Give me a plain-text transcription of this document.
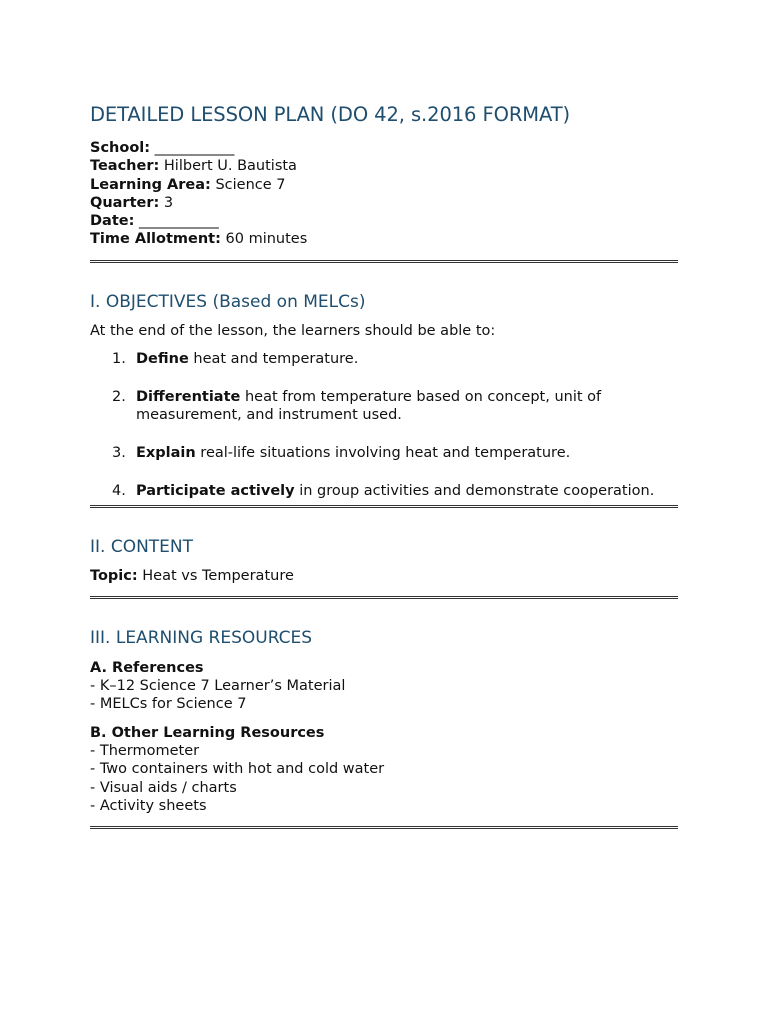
DETAILED LESSON PLAN (DO 42, s.2016 FORMAT)
School: ___________
Teacher: Hilbert U. Bautista
Learning Area: Science 7
Quarter: 3
Date: ___________
Time Allotment: 60 minutes
I. OBJECTIVES (Based on MELCs)
At the end of the lesson, the learners should be able to:
1. Define heat and temperature.
2. Differentiate heat from temperature based on concept, unit of measurement, and instrument used.
3. Explain real-life situations involving heat and temperature.
4. Participate actively in group activities and demonstrate cooperation.
II. CONTENT
Topic: Heat vs Temperature
III. LEARNING RESOURCES
A. References
- K–12 Science 7 Learner’s Material
- MELCs for Science 7
B. Other Learning Resources
- Thermometer
- Two containers with hot and cold water
- Visual aids / charts
- Activity sheets
